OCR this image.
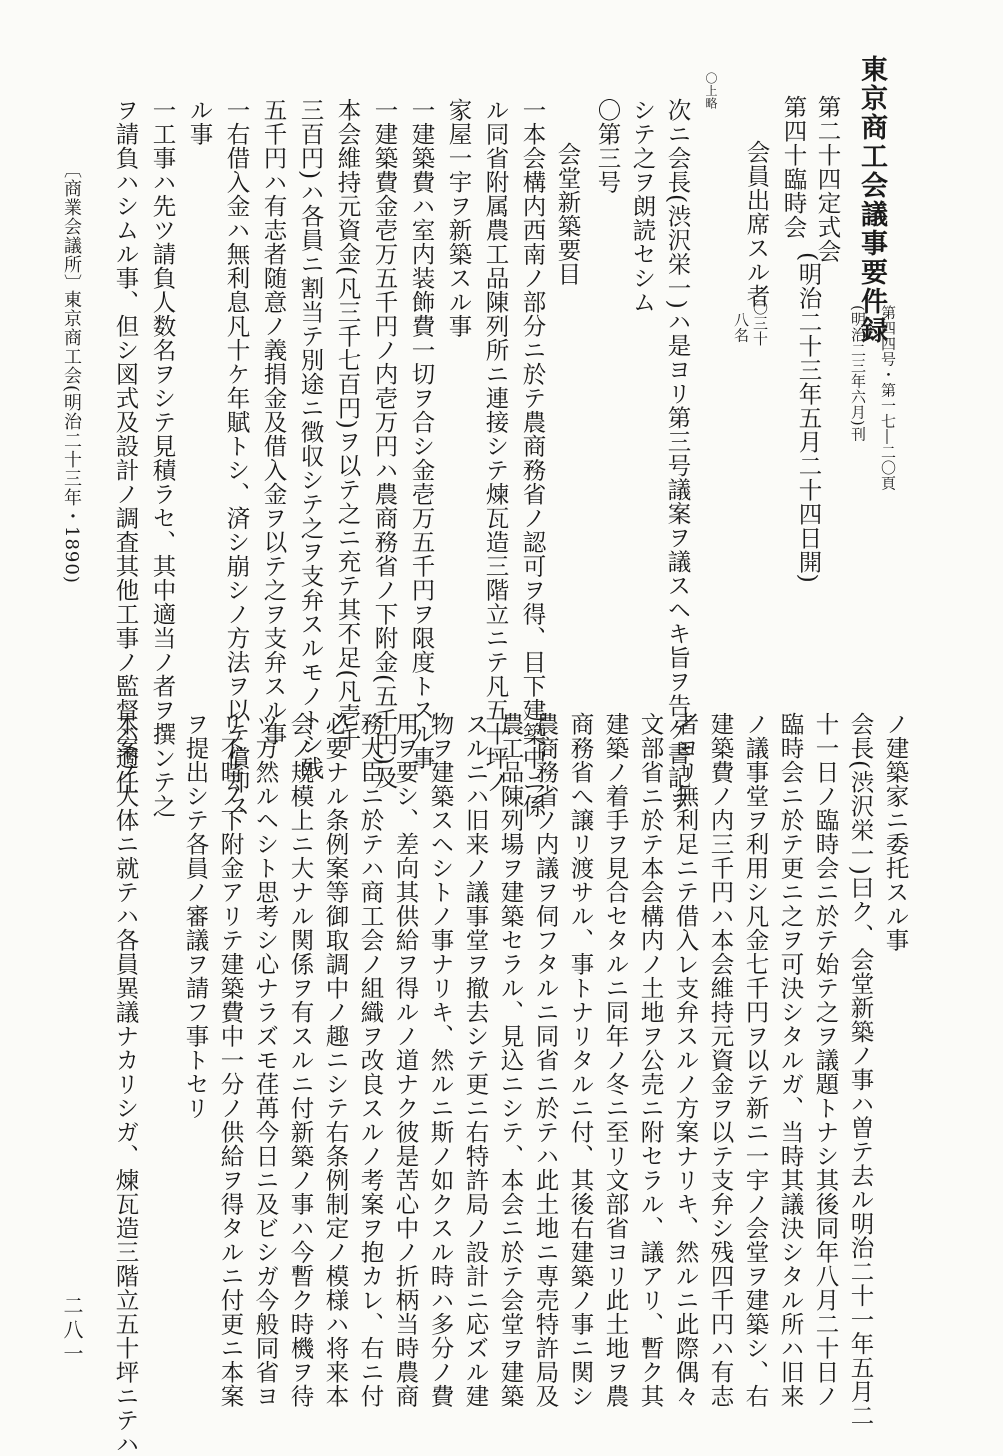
東京商工会議事要件録
第四四号・第一七―二〇頁
(明治二三年六月)刊
第二十四定式会
第四十臨時会
(明治二十三年五月二十四日開)
会員出席スル者
〇三十
八名
〇上略
次ニ会長(渋沢栄一)ハ是ヨリ第三号議案ヲ議スヘキ旨ヲ告ゲ書記ヲ
シテ之ヲ朗読セシム
〇第三号
会堂新築要目
一本会構内西南ノ部分ニ於テ農商務省ノ認可ヲ得、目下建築中ニ係
ル同省附属農工品陳列所ニ連接シテ煉瓦造三階立ニテ凡五十坪ノ
家屋一宇ヲ新築スル事
一建築費ハ室内装飾費一切ヲ合シ金壱万五千円ヲ限度トスル事
一建築費金壱万五千円ノ内壱万円ハ農商務省ノ下附金(五千円)及
本会維持元資金(凡三千七百円)ヲ以テ之ニ充テ其不足(凡壱千
三百円)ハ各員ニ割当テ別途ニ徴収シテ之ヲ支弁スルモノトシ残
五千円ハ有志者随意ノ義捐金及借入金ヲ以テ之ヲ支弁スル事
一右借入金ハ無利息凡十ケ年賦トシ、済シ崩シノ方法ヲ以テ償却ス
ル事
一工事ハ先ツ請負人数名ヲシテ見積ラセ、其中適当ノ者ヲ撰ンテ之
ヲ請負ハシムル事、但シ図式及設計ノ調査其他工事ノ監督ハ適任
〔商業会議所〕
東京商工会(明治二十三年・1890)
ノ建築家ニ委托スル事
会長(渋沢栄一)曰ク、会堂新築ノ事ハ曽テ去ル明治二十一年五月二
十一日ノ臨時会ニ於テ始テ之ヲ議題トナシ其後同年八月二十日ノ
臨時会ニ於テ更ニ之ヲ可決シタルガ、当時其議決シタル所ハ旧来
ノ議事堂ヲ利用シ凡金七千円ヲ以テ新ニ一宇ノ会堂ヲ建築シ、右
建築費ノ内三千円ハ本会維持元資金ヲ以テ支弁シ残四千円ハ有志
者ヨリ無利足ニテ借入レ支弁スルノ方案ナリキ、然ルニ此際偶々
文部省ニ於テ本会構内ノ土地ヲ公売ニ附セラル、議アリ、暫ク其
建築ノ着手ヲ見合セタルニ同年ノ冬ニ至リ文部省ヨリ此土地ヲ農
商務省へ譲リ渡サル、事トナリタルニ付、其後右建築ノ事ニ関シ
農商務省ノ内議ヲ伺フタルニ同省ニ於テハ此土地ニ専売特許局及
農工品陳列場ヲ建築セラル、見込ニシテ、本会ニ於テ会堂ヲ建築
スルニハ旧来ノ議事堂ヲ撤去シテ更ニ右特許局ノ設計ニ応ズル建
物ヲ建築スヘシトノ事ナリキ、然ルニ斯ノ如クスル時ハ多分ノ費
用ヲ要シ、差向其供給ヲ得ルノ道ナク彼是苦心中ノ折柄当時農商
務大臣ニ於テハ商工会ノ組織ヲ改良スルノ考案ヲ抱カレ、右ニ付
必要ナル条例案等御取調中ノ趣ニシテ右条例制定ノ模様ハ将来本
会ノ規模上ニ大ナル関係ヲ有スルニ付新築ノ事ハ今暫ク時機ヲ待
ツ方然ルヘシト思考シ心ナラズモ荏苒今日ニ及ビシガ今般同省ヨ
リ不時ノ下附金アリテ建築費中一分ノ供給ヲ得タルニ付更ニ本案
ヲ提出シテ各員ノ審議ヲ請フ事トセリ
本案ノ大体ニ就テハ各員異議ナカリシガ、煉瓦造三階立五十坪ニテハ
二八一
